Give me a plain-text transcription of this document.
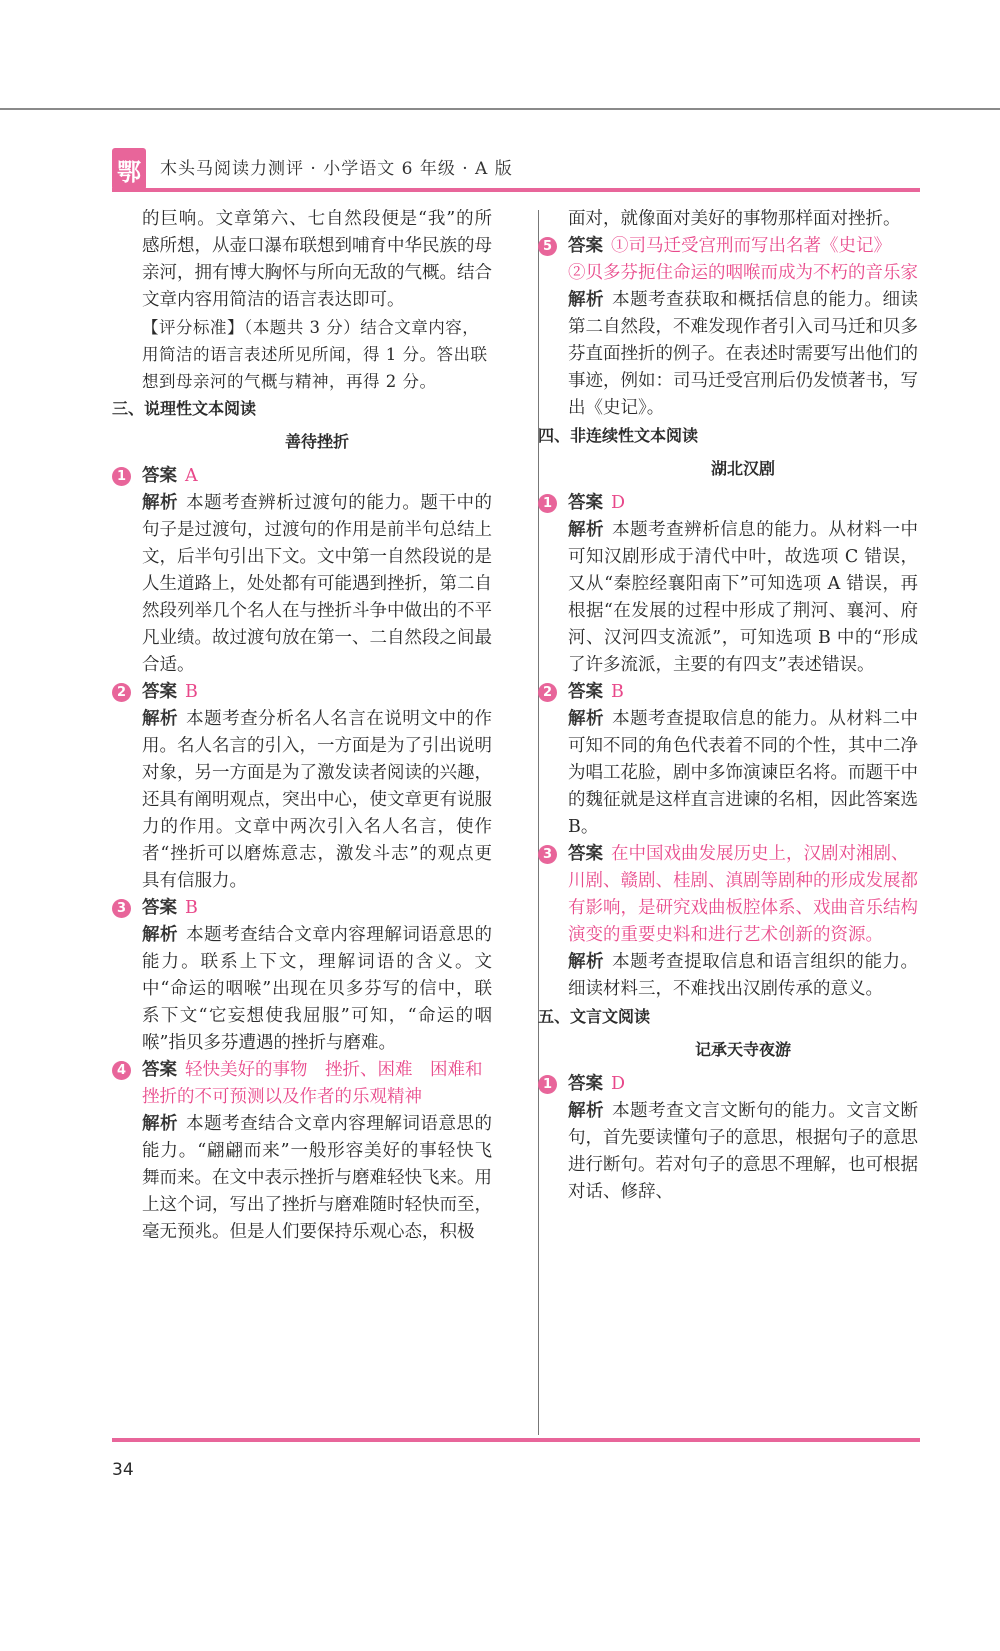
鄂 木头马阅读力测评 · 小学语文 6 年级 · A 版

的巨响。文章第六、七自然段便是“我”的所感所想，从壶口瀑布联想到哺育中华民族的母亲河，拥有博大胸怀与所向无敌的气概。结合文章内容用简洁的语言表达即可。

【评分标准】（本题共 3 分）结合文章内容，用简洁的语言表述所见所闻，得 1 分。答出联想到母亲河的气概与精神，再得 2 分。

三、说理性文本阅读

善待挫折

1 答案 A

解析 本题考查辨析过渡句的能力。题干中的句子是过渡句，过渡句的作用是前半句总结上文，后半句引出下文。文中第一自然段说的是人生道路上，处处都有可能遇到挫折，第二自然段列举几个名人在与挫折斗争中做出的不平凡业绩。故过渡句放在第一、二自然段之间最合适。

2 答案 B

解析 本题考查分析名人名言在说明文中的作用。名人名言的引入，一方面是为了引出说明对象，另一方面是为了激发读者阅读的兴趣，还具有阐明观点，突出中心，使文章更有说服力的作用。文章中两次引入名人名言，使作者“挫折可以磨炼意志，激发斗志”的观点更具有信服力。

3 答案 B

解析 本题考查结合文章内容理解词语意思的能力。联系上下文，理解词语的含义。文中“命运的咽喉”出现在贝多芬写的信中，联系下文“它妄想使我屈服”可知，“命运的咽喉”指贝多芬遭遇的挫折与磨难。

4 答案 轻快美好的事物　挫折、困难　困难和挫折的不可预测以及作者的乐观精神

解析 本题考查结合文章内容理解词语意思的能力。“翩翩而来”一般形容美好的事轻快飞舞而来。在文中表示挫折与磨难轻快飞来。用上这个词，写出了挫折与磨难随时轻快而至，毫无预兆。但是人们要保持乐观心态，积极

面对，就像面对美好的事物那样面对挫折。

5 答案 ①司马迁受宫刑而写出名著《史记》

②贝多芬扼住命运的咽喉而成为不朽的音乐家

解析 本题考查获取和概括信息的能力。细读第二自然段，不难发现作者引入司马迁和贝多芬直面挫折的例子。在表述时需要写出他们的事迹，例如：司马迁受宫刑后仍发愤著书，写出《史记》。

四、非连续性文本阅读

湖北汉剧

1 答案 D

解析 本题考查辨析信息的能力。从材料一中可知汉剧形成于清代中叶，故选项 C 错误，又从“秦腔经襄阳南下”可知选项 A 错误，再根据“在发展的过程中形成了荆河、襄河、府河、汉河四支流派”，可知选项 B 中的“形成了许多流派，主要的有四支”表述错误。

2 答案 B

解析 本题考查提取信息的能力。从材料二中可知不同的角色代表着不同的个性，其中二净为唱工花脸，剧中多饰演谏臣名将。而题干中的魏征就是这样直言进谏的名相，因此答案选 B。

3 答案 在中国戏曲发展历史上，汉剧对湘剧、川剧、赣剧、桂剧、滇剧等剧种的形成发展都有影响，是研究戏曲板腔体系、戏曲音乐结构演变的重要史料和进行艺术创新的资源。

解析 本题考查提取信息和语言组织的能力。细读材料三，不难找出汉剧传承的意义。

五、文言文阅读

记承天寺夜游

1 答案 D

解析 本题考查文言文断句的能力。文言文断句，首先要读懂句子的意思，根据句子的意思进行断句。若对句子的意思不理解，也可根据对话、修辞、

34
